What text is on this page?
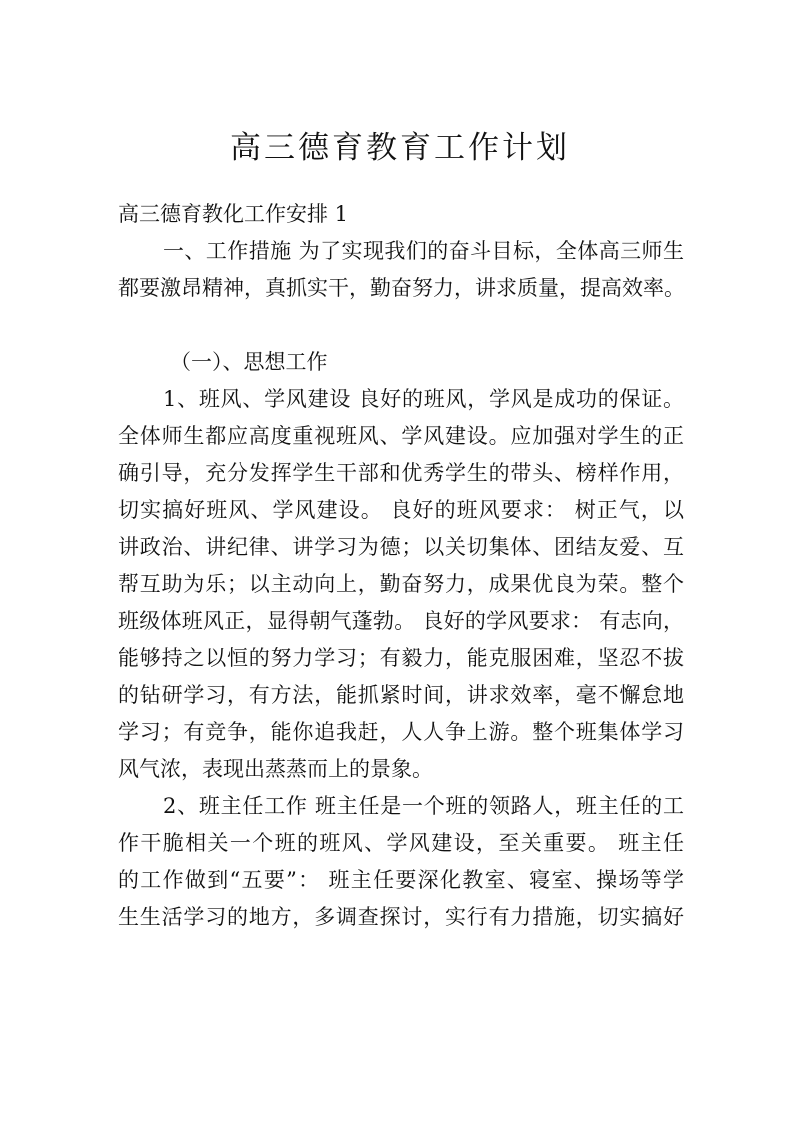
高三德育教育工作计划
高三德育教化工作安排 1
一、工作措施 为了实现我们的奋斗目标，全体高三师生
都要激昂精神，真抓实干，勤奋努力，讲求质量，提高效率。
（一）、思想工作
1、班风、学风建设 良好的班风，学风是成功的保证。
全体师生都应高度重视班风、学风建设。应加强对学生的正
确引导，充分发挥学生干部和优秀学生的带头、榜样作用，
切实搞好班风、学风建设。 良好的班风要求： 树正气，以
讲政治、讲纪律、讲学习为德；以关切集体、团结友爱、互
帮互助为乐；以主动向上，勤奋努力，成果优良为荣。整个
班级体班风正，显得朝气蓬勃。 良好的学风要求： 有志向，
能够持之以恒的努力学习；有毅力，能克服困难，坚忍不拔
的钻研学习，有方法，能抓紧时间，讲求效率，毫不懈怠地
学习；有竞争，能你追我赶，人人争上游。整个班集体学习
风气浓，表现出蒸蒸而上的景象。
2、班主任工作 班主任是一个班的领路人，班主任的工
作干脆相关一个班的班风、学风建设，至关重要。 班主任
的工作做到“五要”： 班主任要深化教室、寝室、操场等学
生生活学习的地方，多调查探讨，实行有力措施，切实搞好
